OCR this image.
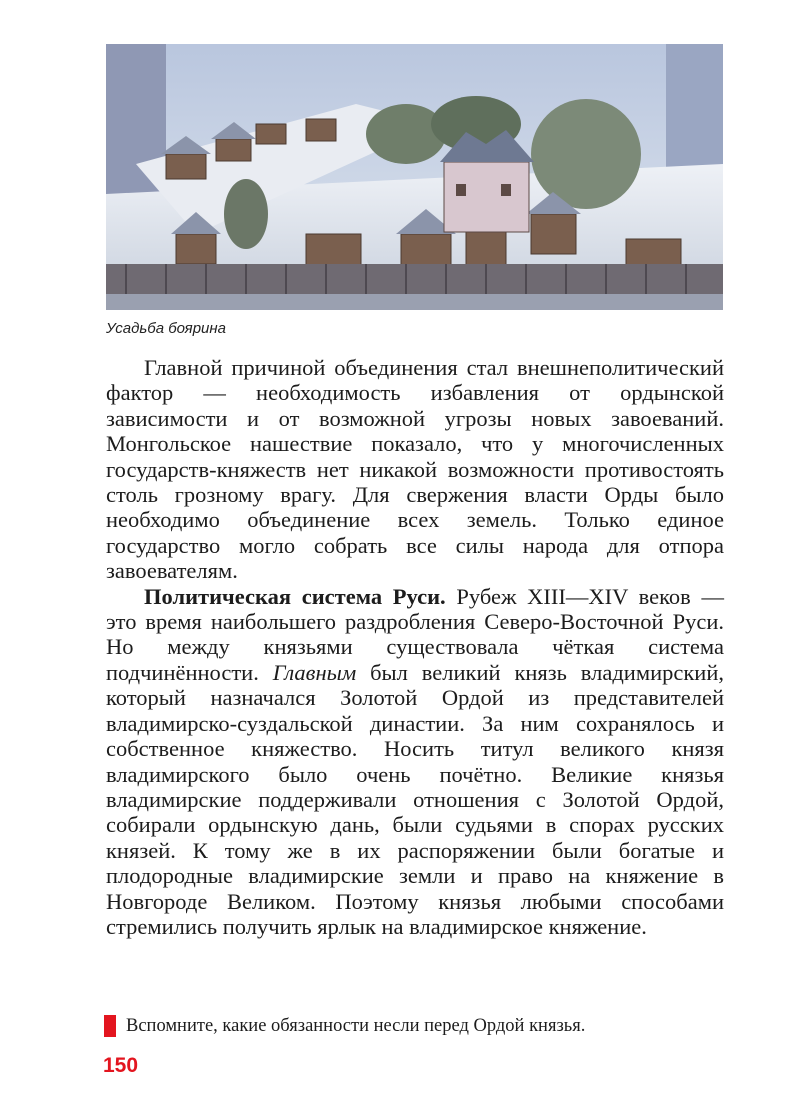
Усадьба боярина

Главной причиной объединения стал внешнеполитический фактор — необходимость избавления от ордынской зависимости и от возможной угрозы новых завоеваний. Монгольское нашествие показало, что у многочисленных государств-княжеств нет никакой возможности противостоять столь грозному врагу. Для свержения власти Орды было необходимо объединение всех земель. Только единое государство могло собрать все силы народа для отпора завоевателям.

Политическая система Руси. Рубеж XIII—XIV веков — это время наибольшего раздробления Северо-Восточной Руси. Но между князьями существовала чёткая система подчинённости. Главным был великий князь владимирский, который назначался Золотой Ордой из представителей владимирско-суздальской династии. За ним сохранялось и собственное княжество. Носить титул великого князя владимирского было очень почётно. Великие князья владимирские поддерживали отношения с Золотой Ордой, собирали ордынскую дань, были судьями в спорах русских князей. К тому же в их распоряжении были богатые и плодородные владимирские земли и право на княжение в Новгороде Великом. Поэтому князья любыми способами стремились получить ярлык на владимирское княжение.

Вспомните, какие обязанности несли перед Ордой князья.
150
